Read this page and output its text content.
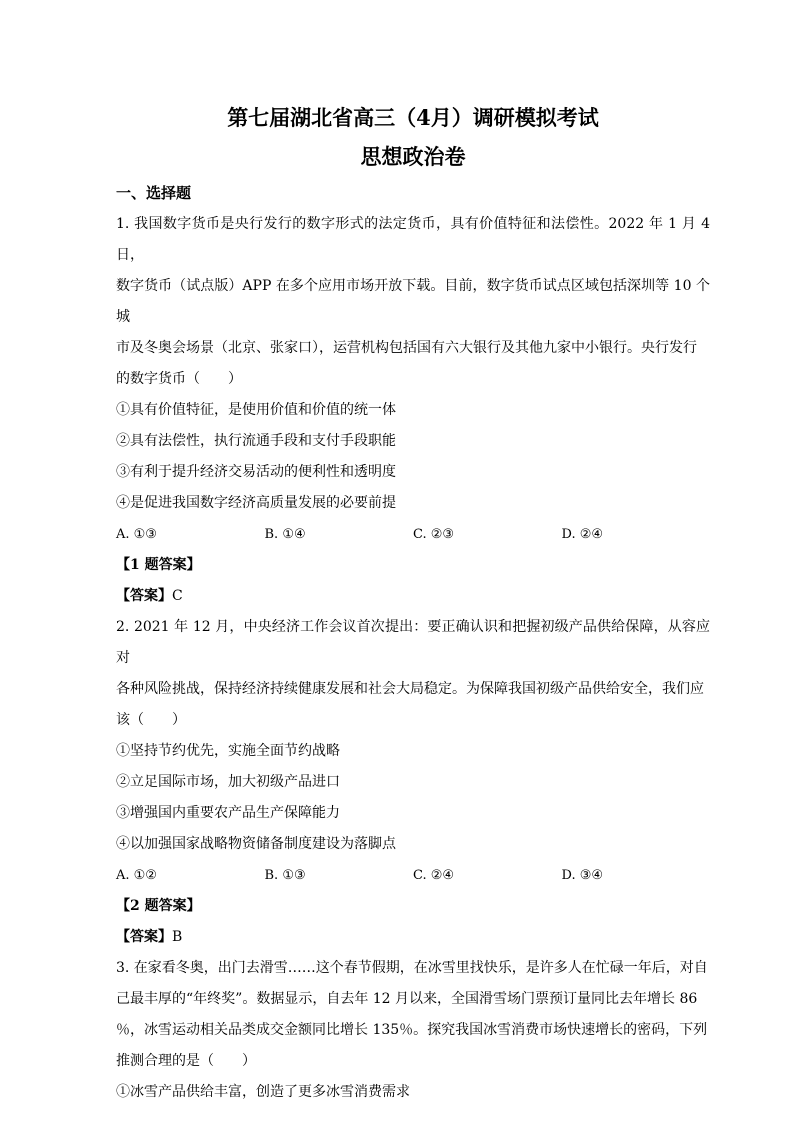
第七届湖北省高三（4月）调研模拟考试
思想政治卷
一、选择题

1. 我国数字货币是央行发行的数字形式的法定货币，具有价值特征和法偿性。2022 年 1 月 4 日，

数字货币（试点版）APP 在多个应用市场开放下载。目前，数字货币试点区域包括深圳等 10 个城

市及冬奥会场景（北京、张家口），运营机构包括国有六大银行及其他九家中小银行。央行发行

的数字货币（　　）

①具有价值特征，是使用价值和价值的统一体

②具有法偿性，执行流通手段和支付手段职能

③有利于提升经济交易活动的便利性和透明度

④是促进我国数字经济高质量发展的必要前提

A. ①③	B. ①④	C. ②③	D. ②④
【1 题答案】
【答案】C

2. 2021 年 12 月，中央经济工作会议首次提出：要正确认识和把握初级产品供给保障，从容应对

各种风险挑战，保持经济持续健康发展和社会大局稳定。为保障我国初级产品供给安全，我们应

该（　　）

①坚持节约优先，实施全面节约战略

②立足国际市场，加大初级产品进口

③增强国内重要农产品生产保障能力

④以加强国家战略物资储备制度建设为落脚点

A. ①②	B. ①③	C. ②④	D. ③④
【2 题答案】
【答案】B

3. 在家看冬奥，出门去滑雪……这个春节假期，在冰雪里找快乐，是许多人在忙碌一年后，对自

己最丰厚的“年终奖”。数据显示，自去年 12 月以来，全国滑雪场门票预订量同比去年增长 86

％，冰雪运动相关品类成交金额同比增长 135％。探究我国冰雪消费市场快速增长的密码，下列

推测合理的是（　　）

①冰雪产品供给丰富，创造了更多冰雪消费需求
